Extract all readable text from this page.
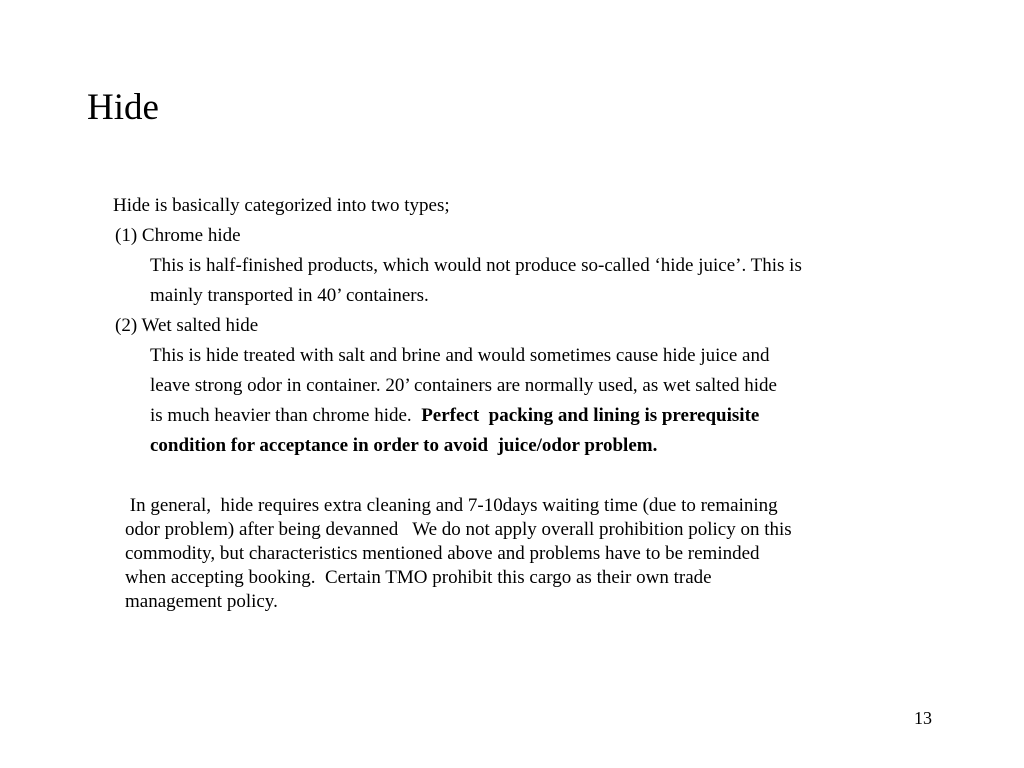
Hide
Hide is basically categorized into two types;
(1) Chrome hide
This is half-finished products, which would not produce so-called ‘hide juice’. This is
mainly transported in 40’ containers.
(2) Wet salted hide
This is hide treated with salt and brine and would sometimes cause hide juice and
leave strong odor in container. 20’ containers are normally used, as wet salted hide
is much heavier than chrome hide.  Perfect  packing and lining is prerequisite
condition for acceptance in order to avoid  juice/odor problem.
In general,  hide requires extra cleaning and 7-10days waiting time (due to remaining
odor problem) after being devanned   We do not apply overall prohibition policy on this
commodity, but characteristics mentioned above and problems have to be reminded
when accepting booking.  Certain TMO prohibit this cargo as their own trade
management policy.
13
